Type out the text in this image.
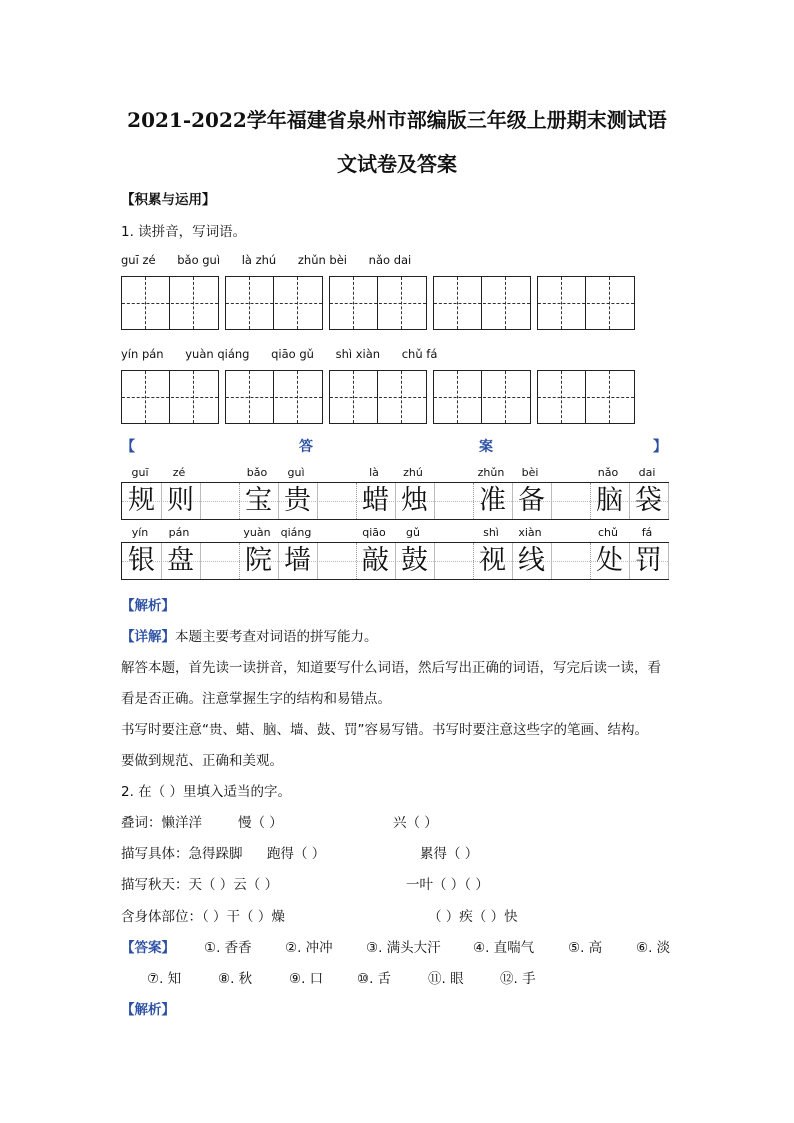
2021-2022学年福建省泉州市部编版三年级上册期末测试语
文试卷及答案
【积累与运用】
1. 读拼音，写词语。
guī zé bǎo guì là zhú zhǔn bèi nǎo dai
yín pán yuàn qiáng qiāo gǔ shì xiàn chǔ fá
【	答	案	】
guī	zé	bǎo	guì	là	zhú	zhǔn	bèi	nǎo	dai
规 则 宝 贵 蜡 烛 准 备 脑 袋
yín	pán	yuàn qiáng	qiāo	gǔ	shì	xiàn	chǔ	fá
银 盘 院 墙 敲 鼓 视 线 处 罚
【解析】
【详解】本题主要考查对词语的拼写能力。
解答本题，首先读一读拼音，知道要写什么词语，然后写出正确的词语，写完后读一读，看
看是否正确。注意掌握生字的结构和易错点。
书写时要注意“贵、蜡、脑、墙、鼓、罚”容易写错。书写时要注意这些字的笔画、结构。
要做到规范、正确和美观。
2. 在（ ）里填入适当的字。
叠词：懒洋洋	慢（ ）	兴（ ）
描写具体：急得跺脚 跑得（ ）	累得（ ）
描写秋天：天（ ）云（ ）	一叶（ ）（ ）
含身体部位：（ ）干（ ）燥	（ ）疾（ ）快
【答案】 ①. 香香 ②. 冲冲 ③. 满头大汗 ④. 直喘气	⑤. 高	⑥. 淡
⑦. 知	⑧. 秋	⑨. 口	⑩. 舌	⑪. 眼	⑫. 手
【解析】
